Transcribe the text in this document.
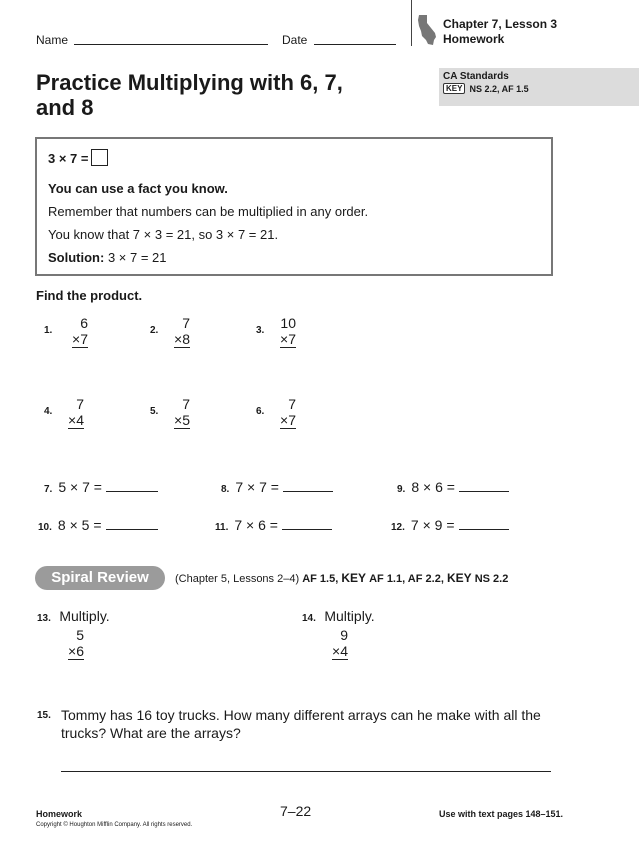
Name	Date
Chapter 7, Lesson 3
Homework
Practice Multiplying with 6, 7,
and 8
CA Standards
KEY NS 2.2, AF 1.5
3 × 7 =
You can use a fact you know.
Remember that numbers can be multiplied in any order.
You know that 7 × 3 = 21, so 3 × 7 = 21.
Solution: 3 × 7 = 21
Find the product.
1.	6
×7
2.	7
×8
3.	10
×7
4.	7
×4
5.	7
×5
6.	7
×7
7. 5 × 7 =	8. 7 × 7 =	9. 8 × 6 =
10. 8 × 5 =	11. 7 × 6 =	12. 7 × 9 =
Spiral Review	(Chapter 5, Lessons 2–4) AF 1.5, KEY AF 1.1, AF 2.2, KEY NS 2.2
13. Multiply.
5
×6
14. Multiply.
9
×4
15. Tommy has 16 toy trucks. How many different arrays can he make with all the
trucks? What are the arrays?
Homework
Copyright © Houghton Mifflin Company. All rights reserved.
7–22	Use with text pages 148–151.
